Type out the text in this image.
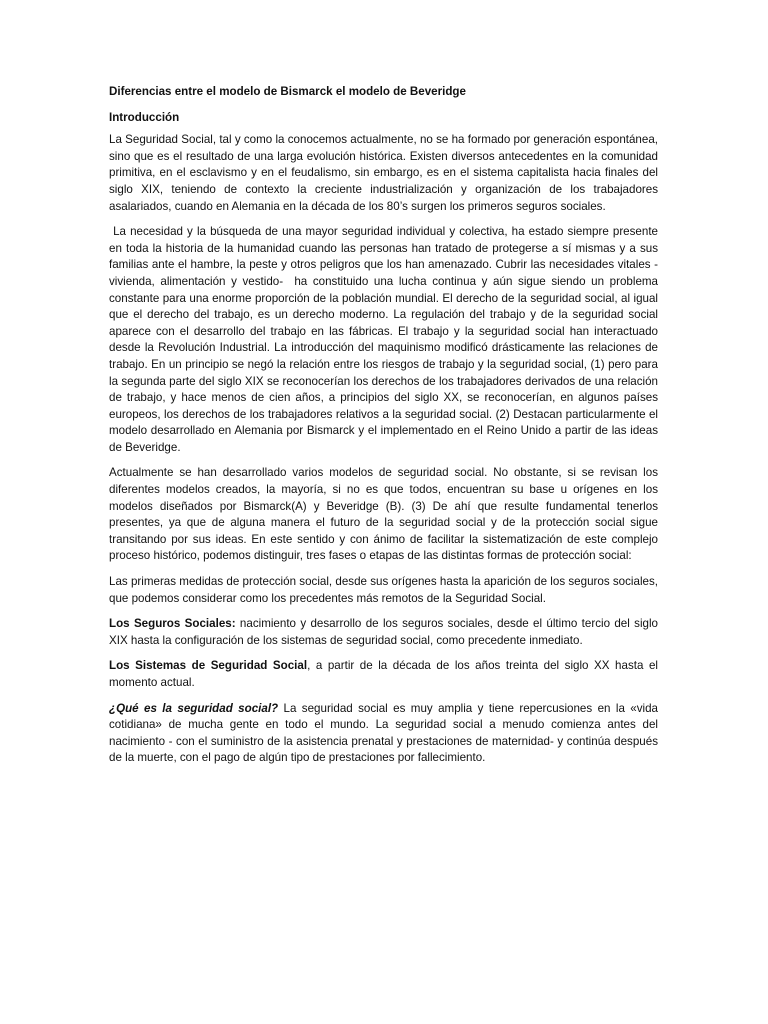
Diferencias entre el modelo de Bismarck el modelo de Beveridge
Introducción

La Seguridad Social, tal y como la conocemos actualmente, no se ha formado por generación espontánea, sino que es el resultado de una larga evolución histórica. Existen diversos antecedentes en la comunidad primitiva, en el esclavismo y en el feudalismo, sin embargo, es en el sistema capitalista hacia finales del siglo XIX, teniendo de contexto la creciente industrialización y organización de los trabajadores asalariados, cuando en Alemania en la década de los 80’s surgen los primeros seguros sociales.

La necesidad y la búsqueda de una mayor seguridad individual y colectiva, ha estado siempre presente en toda la historia de la humanidad cuando las personas han tratado de protegerse a sí mismas y a sus familias ante el hambre, la peste y otros peligros que los han amenazado. Cubrir las necesidades vitales - vivienda, alimentación y vestido-  ha constituido una lucha continua y aún sigue siendo un problema constante para una enorme proporción de la población mundial. El derecho de la seguridad social, al igual que el derecho del trabajo, es un derecho moderno. La regulación del trabajo y de la seguridad social aparece con el desarrollo del trabajo en las fábricas. El trabajo y la seguridad social han interactuado desde la Revolución Industrial. La introducción del maquinismo modificó drásticamente las relaciones de trabajo. En un principio se negó la relación entre los riesgos de trabajo y la seguridad social, (1) pero para la segunda parte del siglo XIX se reconocerían los derechos de los trabajadores derivados de una relación de trabajo, y hace menos de cien años, a principios del siglo XX, se reconocerían, en algunos países europeos, los derechos de los trabajadores relativos a la seguridad social. (2) Destacan particularmente el modelo desarrollado en Alemania por Bismarck y el implementado en el Reino Unido a partir de las ideas de Beveridge.

Actualmente se han desarrollado varios modelos de seguridad social. No obstante, si se revisan los diferentes modelos creados, la mayoría, si no es que todos, encuentran su base u orígenes en los modelos diseñados por Bismarck(A) y Beveridge (B). (3) De ahí que resulte fundamental tenerlos presentes, ya que de alguna manera el futuro de la seguridad social y de la protección social sigue transitando por sus ideas. En este sentido y con ánimo de facilitar la sistematización de este complejo proceso histórico, podemos distinguir, tres fases o etapas de las distintas formas de protección social:

Las primeras medidas de protección social, desde sus orígenes hasta la aparición de los seguros sociales, que podemos considerar como los precedentes más remotos de la Seguridad Social.

Los Seguros Sociales: nacimiento y desarrollo de los seguros sociales, desde el último tercio del siglo XIX hasta la configuración de los sistemas de seguridad social, como precedente inmediato.

Los Sistemas de Seguridad Social, a partir de la década de los años treinta del siglo XX hasta el momento actual.

¿Qué es la seguridad social? La seguridad social es muy amplia y tiene repercusiones en la «vida cotidiana» de mucha gente en todo el mundo. La seguridad social a menudo comienza antes del nacimiento - con el suministro de la asistencia prenatal y prestaciones de maternidad- y continúa después de la muerte, con el pago de algún tipo de prestaciones por fallecimiento.
